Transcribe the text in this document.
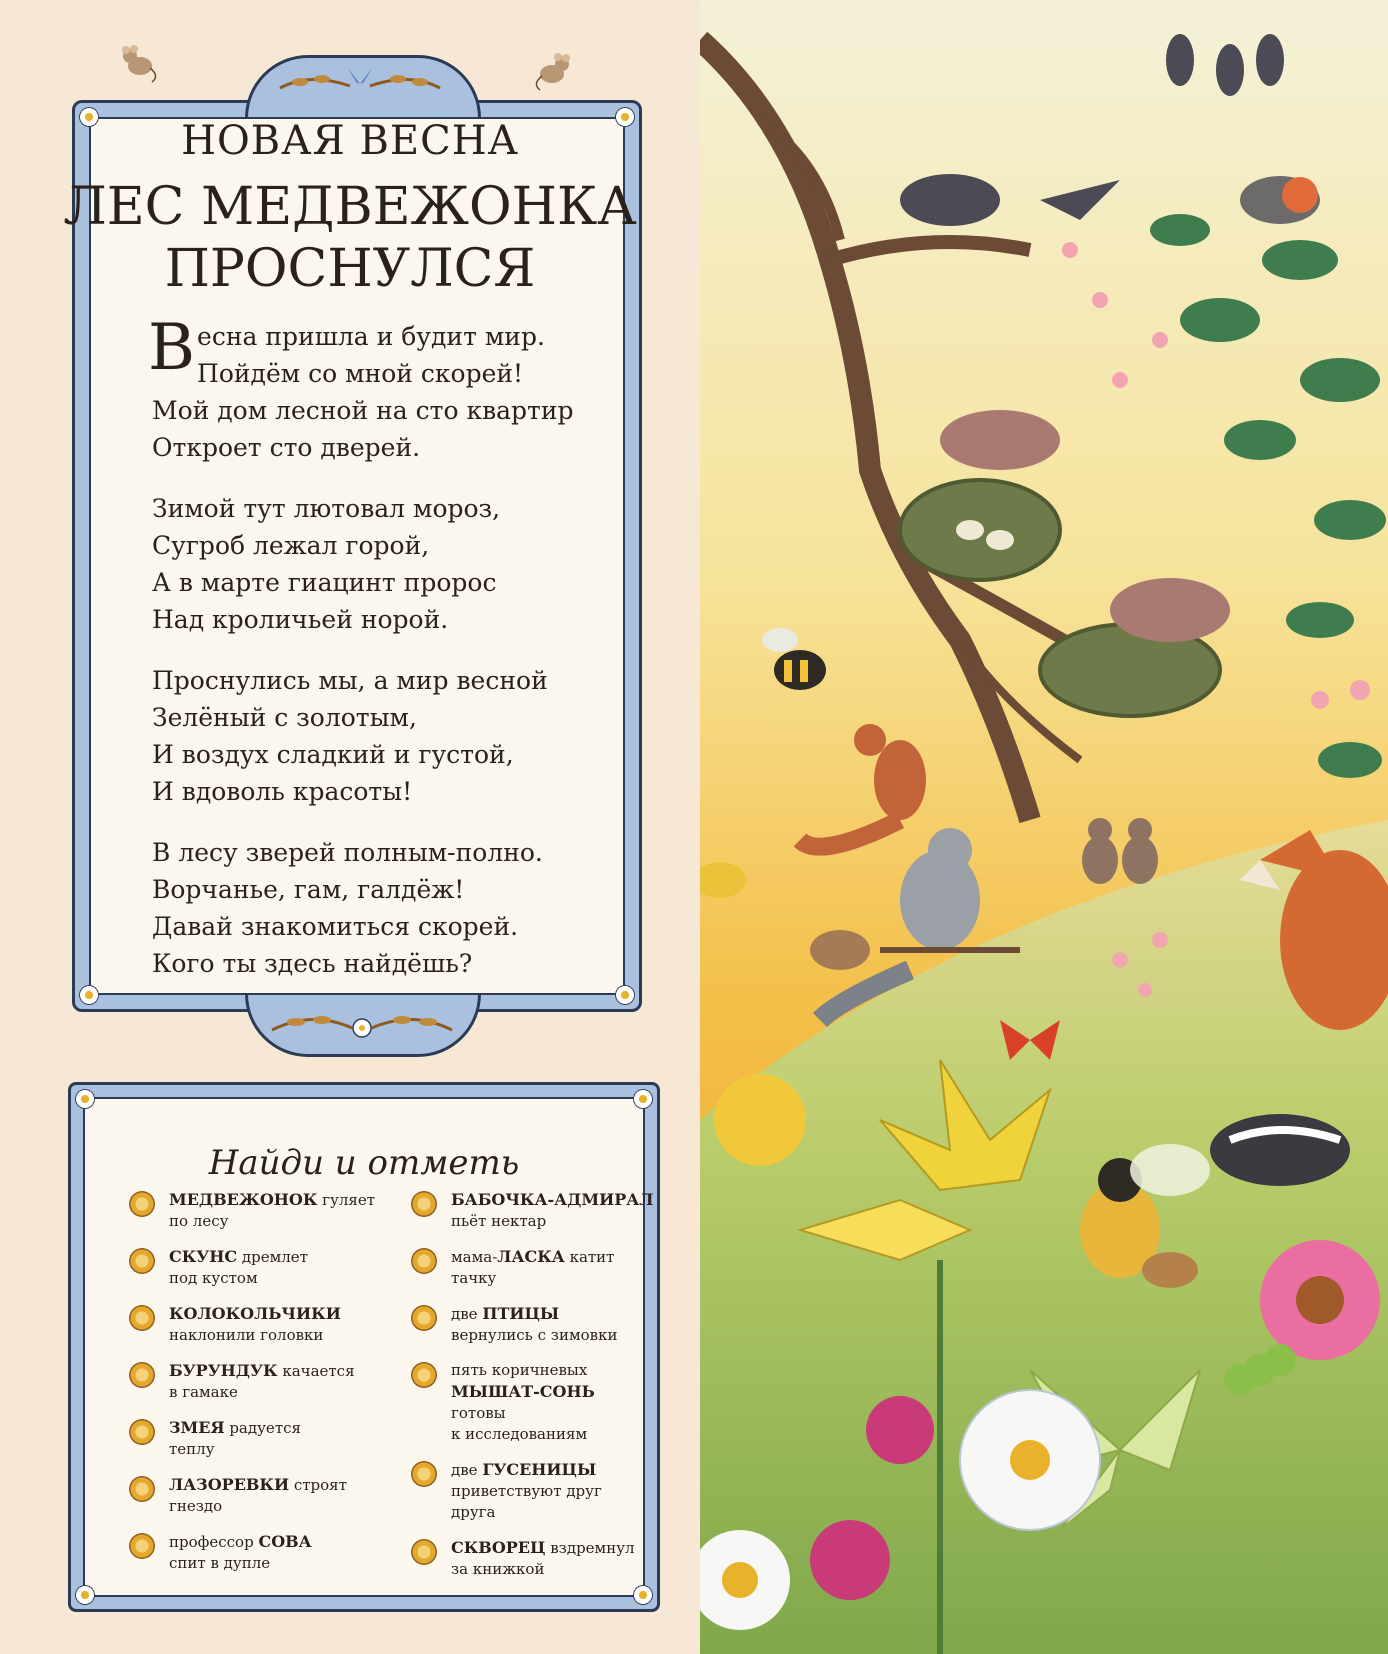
НОВАЯ ВЕСНА
ЛЕС МЕДВЕЖОНКА
ПРОСНУЛСЯ
В есна пришла и будит мир.
Пойдём со мной скорей!
Мой дом лесной на сто квартир
Откроет сто дверей.
Зимой тут лютовал мороз,
Сугроб лежал горой,
А в марте гиацинт пророс
Над кроличьей норой.
Проснулись мы, а мир весной
Зелёный с золотым,
И воздух сладкий и густой,
И вдоволь красоты!
В лесу зверей полным-полно.
Ворчанье, гам, галдёж!
Давай знакомиться скорей.
Кого ты здесь найдёшь?
Найди и отметь
МЕДВЕЖОНОК гуляет
по лесу
СКУНС дремлет
под кустом
КОЛОКОЛЬЧИКИ
наклонили головки
БУРУНДУК качается
в гамаке
ЗМЕЯ радуется
теплу
ЛАЗОРЕВКИ строят
гнездо
профессор СОВА
спит в дупле
БАБОЧКА-АДМИРАЛ
пьёт нектар
мама-ЛАСКА катит
тачку
две ПТИЦЫ
вернулись с зимовки
пять коричневых
МЫШАТ-СОНЬ
готовы
к исследованиям
две ГУСЕНИЦЫ
приветствуют друг
друга
СКВОРЕЦ вздремнул
за книжкой
